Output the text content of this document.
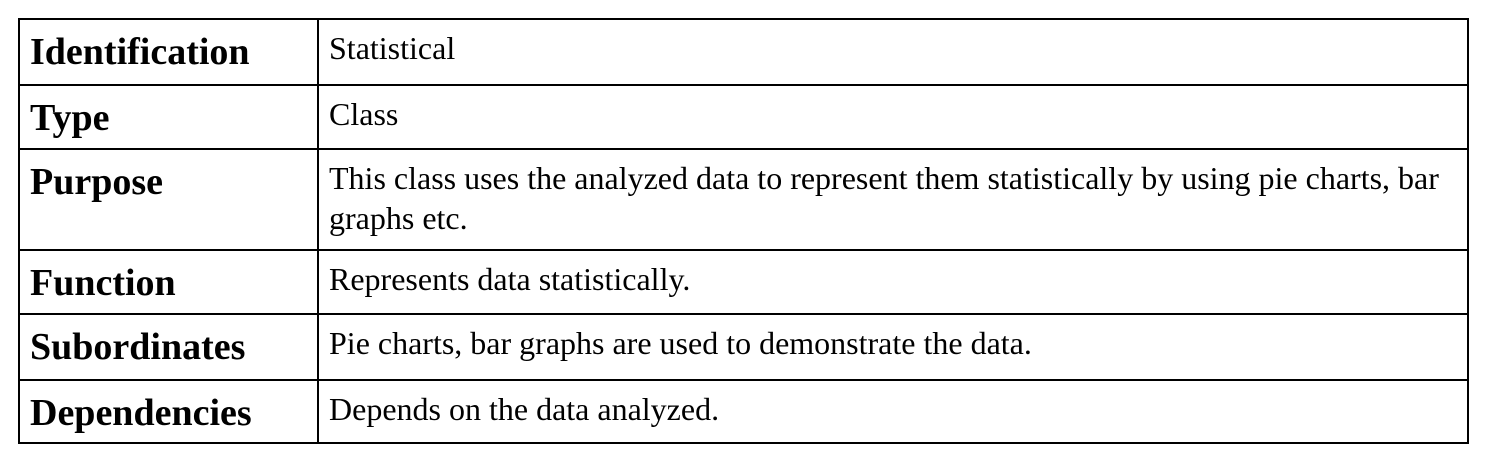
Identification	Statistical
Type	Class
Purpose	This class uses the analyzed data to represent them statistically by using pie charts, bar graphs etc.
Function	Represents data statistically.
Subordinates	Pie charts, bar graphs are used to demonstrate the data.
Dependencies	Depends on the data analyzed.
